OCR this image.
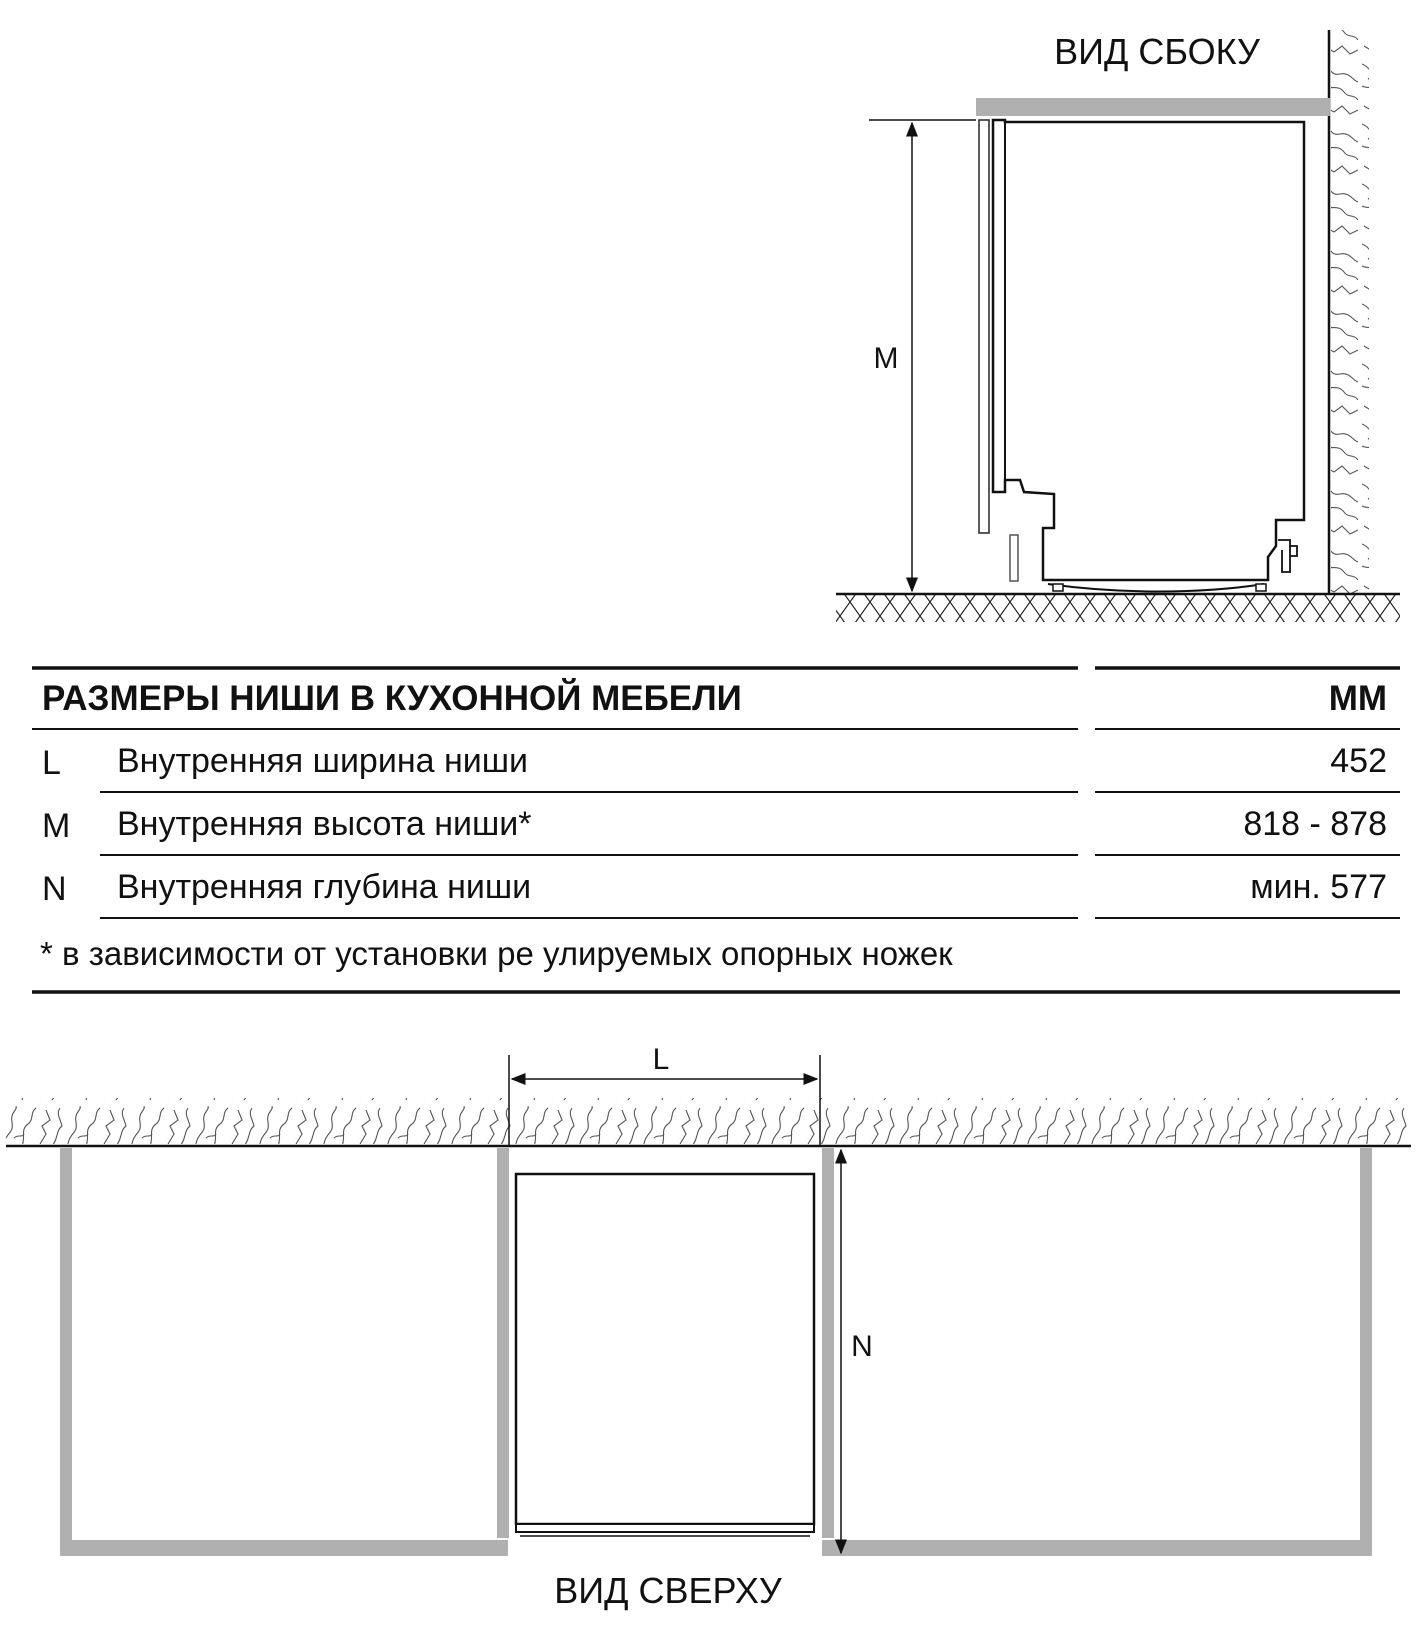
ВИД СБОКУ
M
РАЗМЕРЫ НИШИ В КУХОННОЙ МЕБЕЛИ	ММ
L Внутренняя ширина ниши	452
M Внутренняя высота ниши*	818 - 878
N Внутренняя глубина ниши	мин. 577
* в зависимости от установки ре улируемых опорных ножек
L
N
ВИД СВЕРХУ
